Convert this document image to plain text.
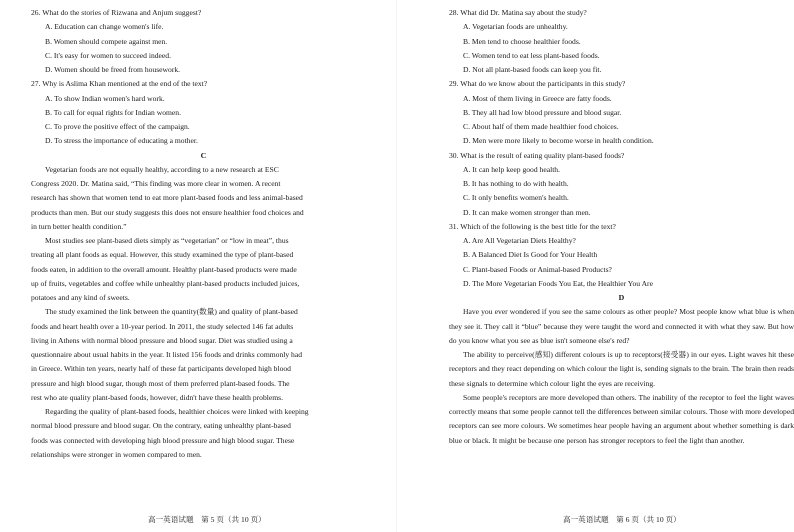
26. What do the stories of Rizwana and Anjum suggest?
A. Education can change women's life.
B. Women should compete against men.
C. It's easy for women to succeed indeed.
D. Women should be freed from housework.
27. Why is Aslima Khan mentioned at the end of the text?
A. To show Indian women's hard work.
B. To call for equal rights for Indian women.
C. To prove the positive effect of the campaign.
D. To stress the importance of educating a mother.
C
Vegetarian foods are not equally healthy, according to a new research at ESC
Congress 2020. Dr. Matina said, “This finding was more clear in women. A recent
research has shown that women tend to eat more plant-based foods and less animal-based
products than men. But our study suggests this does not ensure healthier food choices and
in turn better health condition.”
Most studies see plant-based diets simply as “vegetarian” or “low in meat”, thus
treating all plant foods as equal. However, this study examined the type of plant-based
foods eaten, in addition to the overall amount. Healthy plant-based products were made
up of fruits, vegetables and coffee while unhealthy plant-based products included juices,
potatoes and any kind of sweets.
The study examined the link between the quantity(数量) and quality of plant-based
foods and heart health over a 10-year period. In 2011, the study selected 146 fat adults
living in Athens with normal blood pressure and blood sugar. Diet was studied using a
questionnaire about usual habits in the year. It listed 156 foods and drinks commonly had
in Greece. Within ten years, nearly half of these fat participants developed high blood
pressure and high blood sugar, though most of them preferred plant-based foods. The
rest who ate quality plant-based foods, however, didn't have these health problems.
Regarding the quality of plant-based foods, healthier choices were linked with keeping
normal blood pressure and blood sugar. On the contrary, eating unhealthy plant-based
foods was connected with developing high blood pressure and high blood sugar. These
relationships were stronger in women compared to men.
28. What did Dr. Matina say about the study?
A. Vegetarian foods are unhealthy.
B. Men tend to choose healthier foods.
C. Women tend to eat less plant-based foods.
D. Not all plant-based foods can keep you fit.
29. What do we know about the participants in this study?
A. Most of them living in Greece are fatty foods.
B. They all had low blood pressure and blood sugar.
C. About half of them made healthier food choices.
D. Men were more likely to become worse in health condition.
30. What is the result of eating quality plant-based foods?
A. It can help keep good health.
B. It has nothing to do with health.
C. It only benefits women's health.
D. It can make women stronger than men.
31. Which of the following is the best title for the text?
A. Are All Vegetarian Diets Healthy?
B. A Balanced Diet Is Good for Your Health
C. Plant-based Foods or Animal-based Products?
D. The More Vegetarian Foods You Eat, the Healthier You Are
D

Have you ever wondered if you see the same colours as other people? Most people know what blue is when they see it. They call it “blue” because they were taught the word and connected it with what they saw. But how do you know what you see as blue isn't someone else's red?

The ability to perceive(感知) different colours is up to receptors(接受器) in our eyes. Light waves hit these receptors and they react depending on which colour the light is, sending signals to the brain. The brain then reads these signals to determine which colour light the eyes are receiving.

Some people's receptors are more developed than others. The inability of the receptor to feel the light waves correctly means that some people cannot tell the differences between similar colours. Those with more developed receptors can see more colours. We sometimes hear people having an argument about whether something is dark blue or black. It might be because one person has stronger receptors to feel the light than another.

高一英语试题　第 5 页（共 10 页）	高一英语试题　第 6 页（共 10 页）
